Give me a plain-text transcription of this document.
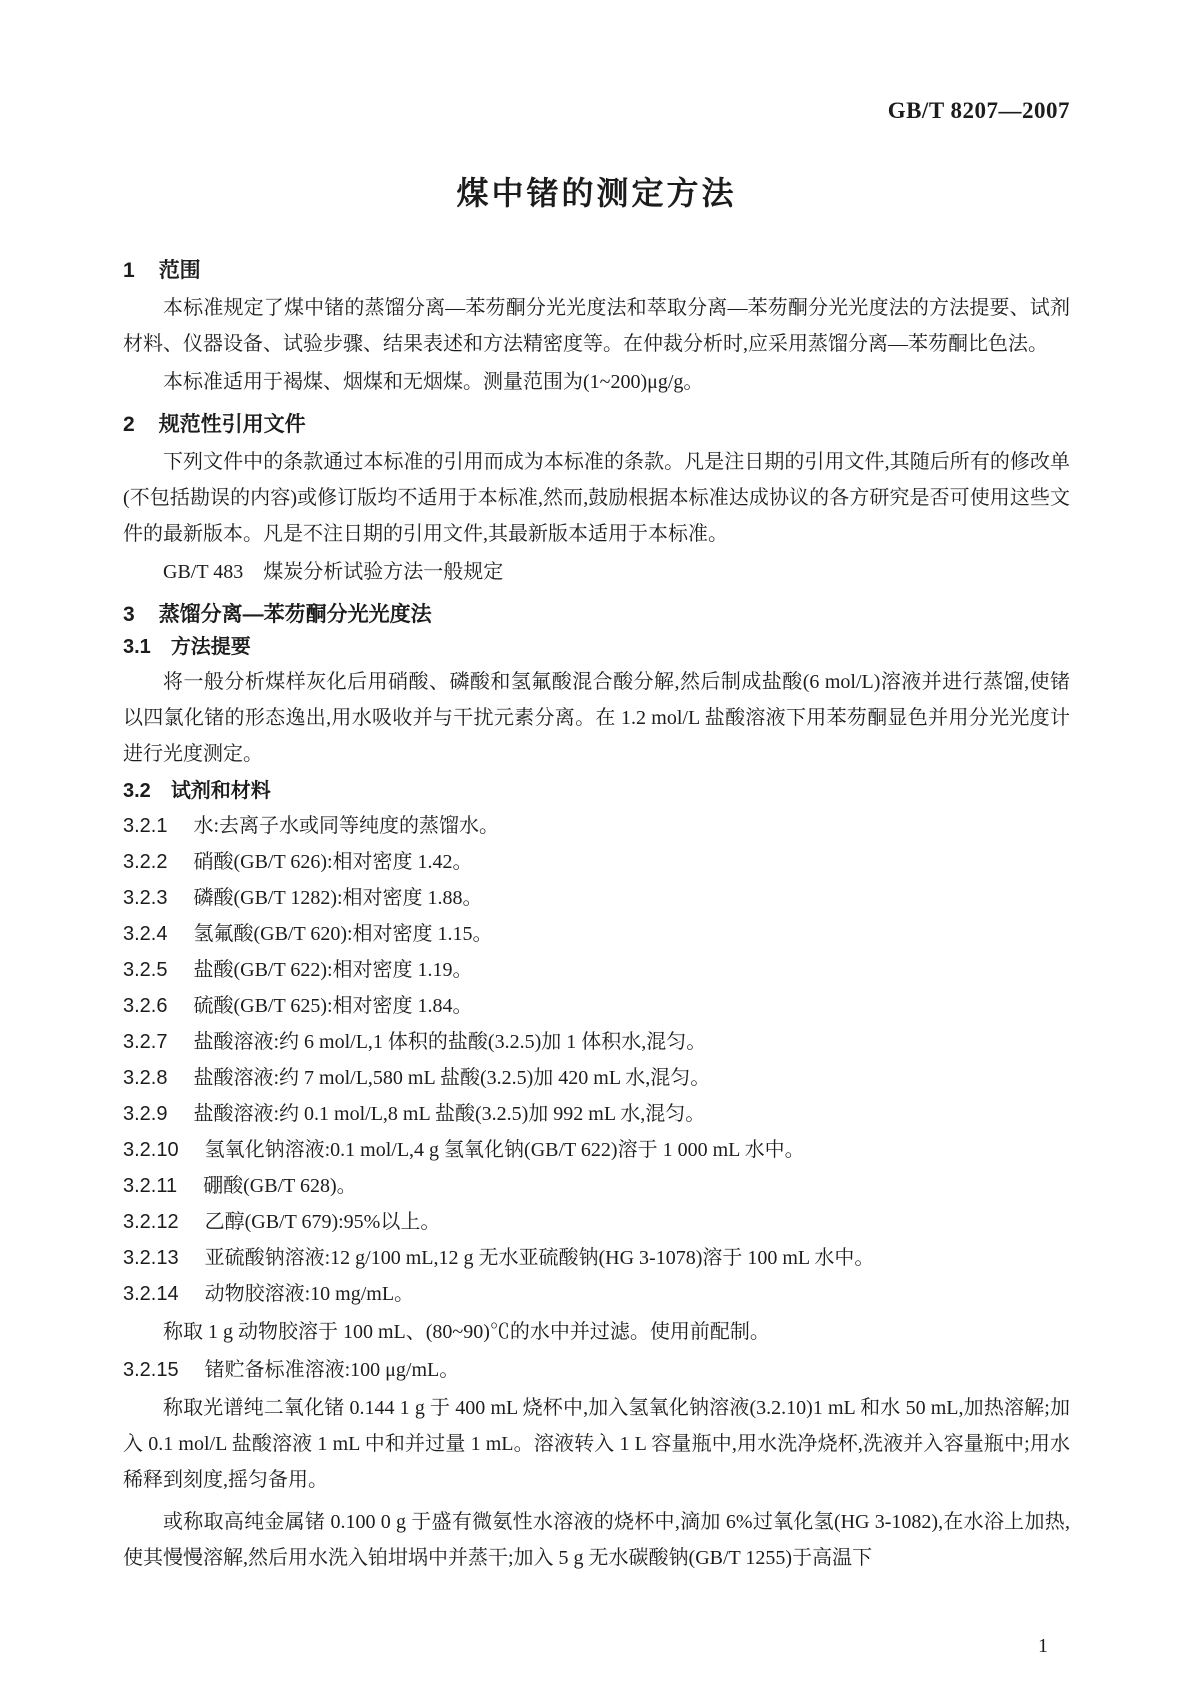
GB/T 8207—2007
煤中锗的测定方法
1 范围

本标准规定了煤中锗的蒸馏分离—苯芴酮分光光度法和萃取分离—苯芴酮分光光度法的方法提要、试剂材料、仪器设备、试验步骤、结果表述和方法精密度等。在仲裁分析时,应采用蒸馏分离—苯芴酮比色法。

本标准适用于褐煤、烟煤和无烟煤。测量范围为(1~200)μg/g。

2 规范性引用文件

下列文件中的条款通过本标准的引用而成为本标准的条款。凡是注日期的引用文件,其随后所有的修改单(不包括勘误的内容)或修订版均不适用于本标准,然而,鼓励根据本标准达成协议的各方研究是否可使用这些文件的最新版本。凡是不注日期的引用文件,其最新版本适用于本标准。

GB/T 483　煤炭分析试验方法一般规定

3 蒸馏分离—苯芴酮分光光度法
3.1 方法提要

将一般分析煤样灰化后用硝酸、磷酸和氢氟酸混合酸分解,然后制成盐酸(6 mol/L)溶液并进行蒸馏,使锗以四氯化锗的形态逸出,用水吸收并与干扰元素分离。在 1.2 mol/L 盐酸溶液下用苯芴酮显色并用分光光度计进行光度测定。

3.2 试剂和材料
3.2.1 水:去离子水或同等纯度的蒸馏水。
3.2.2 硝酸(GB/T 626):相对密度 1.42。
3.2.3 磷酸(GB/T 1282):相对密度 1.88。
3.2.4 氢氟酸(GB/T 620):相对密度 1.15。
3.2.5 盐酸(GB/T 622):相对密度 1.19。
3.2.6 硫酸(GB/T 625):相对密度 1.84。
3.2.7 盐酸溶液:约 6 mol/L,1 体积的盐酸(3.2.5)加 1 体积水,混匀。
3.2.8 盐酸溶液:约 7 mol/L,580 mL 盐酸(3.2.5)加 420 mL 水,混匀。
3.2.9 盐酸溶液:约 0.1 mol/L,8 mL 盐酸(3.2.5)加 992 mL 水,混匀。
3.2.10 氢氧化钠溶液:0.1 mol/L,4 g 氢氧化钠(GB/T 622)溶于 1 000 mL 水中。
3.2.11 硼酸(GB/T 628)。
3.2.12 乙醇(GB/T 679):95%以上。
3.2.13 亚硫酸钠溶液:12 g/100 mL,12 g 无水亚硫酸钠(HG 3-1078)溶于 100 mL 水中。
3.2.14 动物胶溶液:10 mg/mL。

称取 1 g 动物胶溶于 100 mL、(80~90)℃的水中并过滤。使用前配制。

3.2.15 锗贮备标准溶液:100 μg/mL。

称取光谱纯二氧化锗 0.144 1 g 于 400 mL 烧杯中,加入氢氧化钠溶液(3.2.10)1 mL 和水 50 mL,加热溶解;加入 0.1 mol/L 盐酸溶液 1 mL 中和并过量 1 mL。溶液转入 1 L 容量瓶中,用水洗净烧杯,洗液并入容量瓶中;用水稀释到刻度,摇匀备用。

或称取高纯金属锗 0.100 0 g 于盛有微氨性水溶液的烧杯中,滴加 6%过氧化氢(HG 3-1082),在水浴上加热,使其慢慢溶解,然后用水洗入铂坩埚中并蒸干;加入 5 g 无水碳酸钠(GB/T 1255)于高温下

1
